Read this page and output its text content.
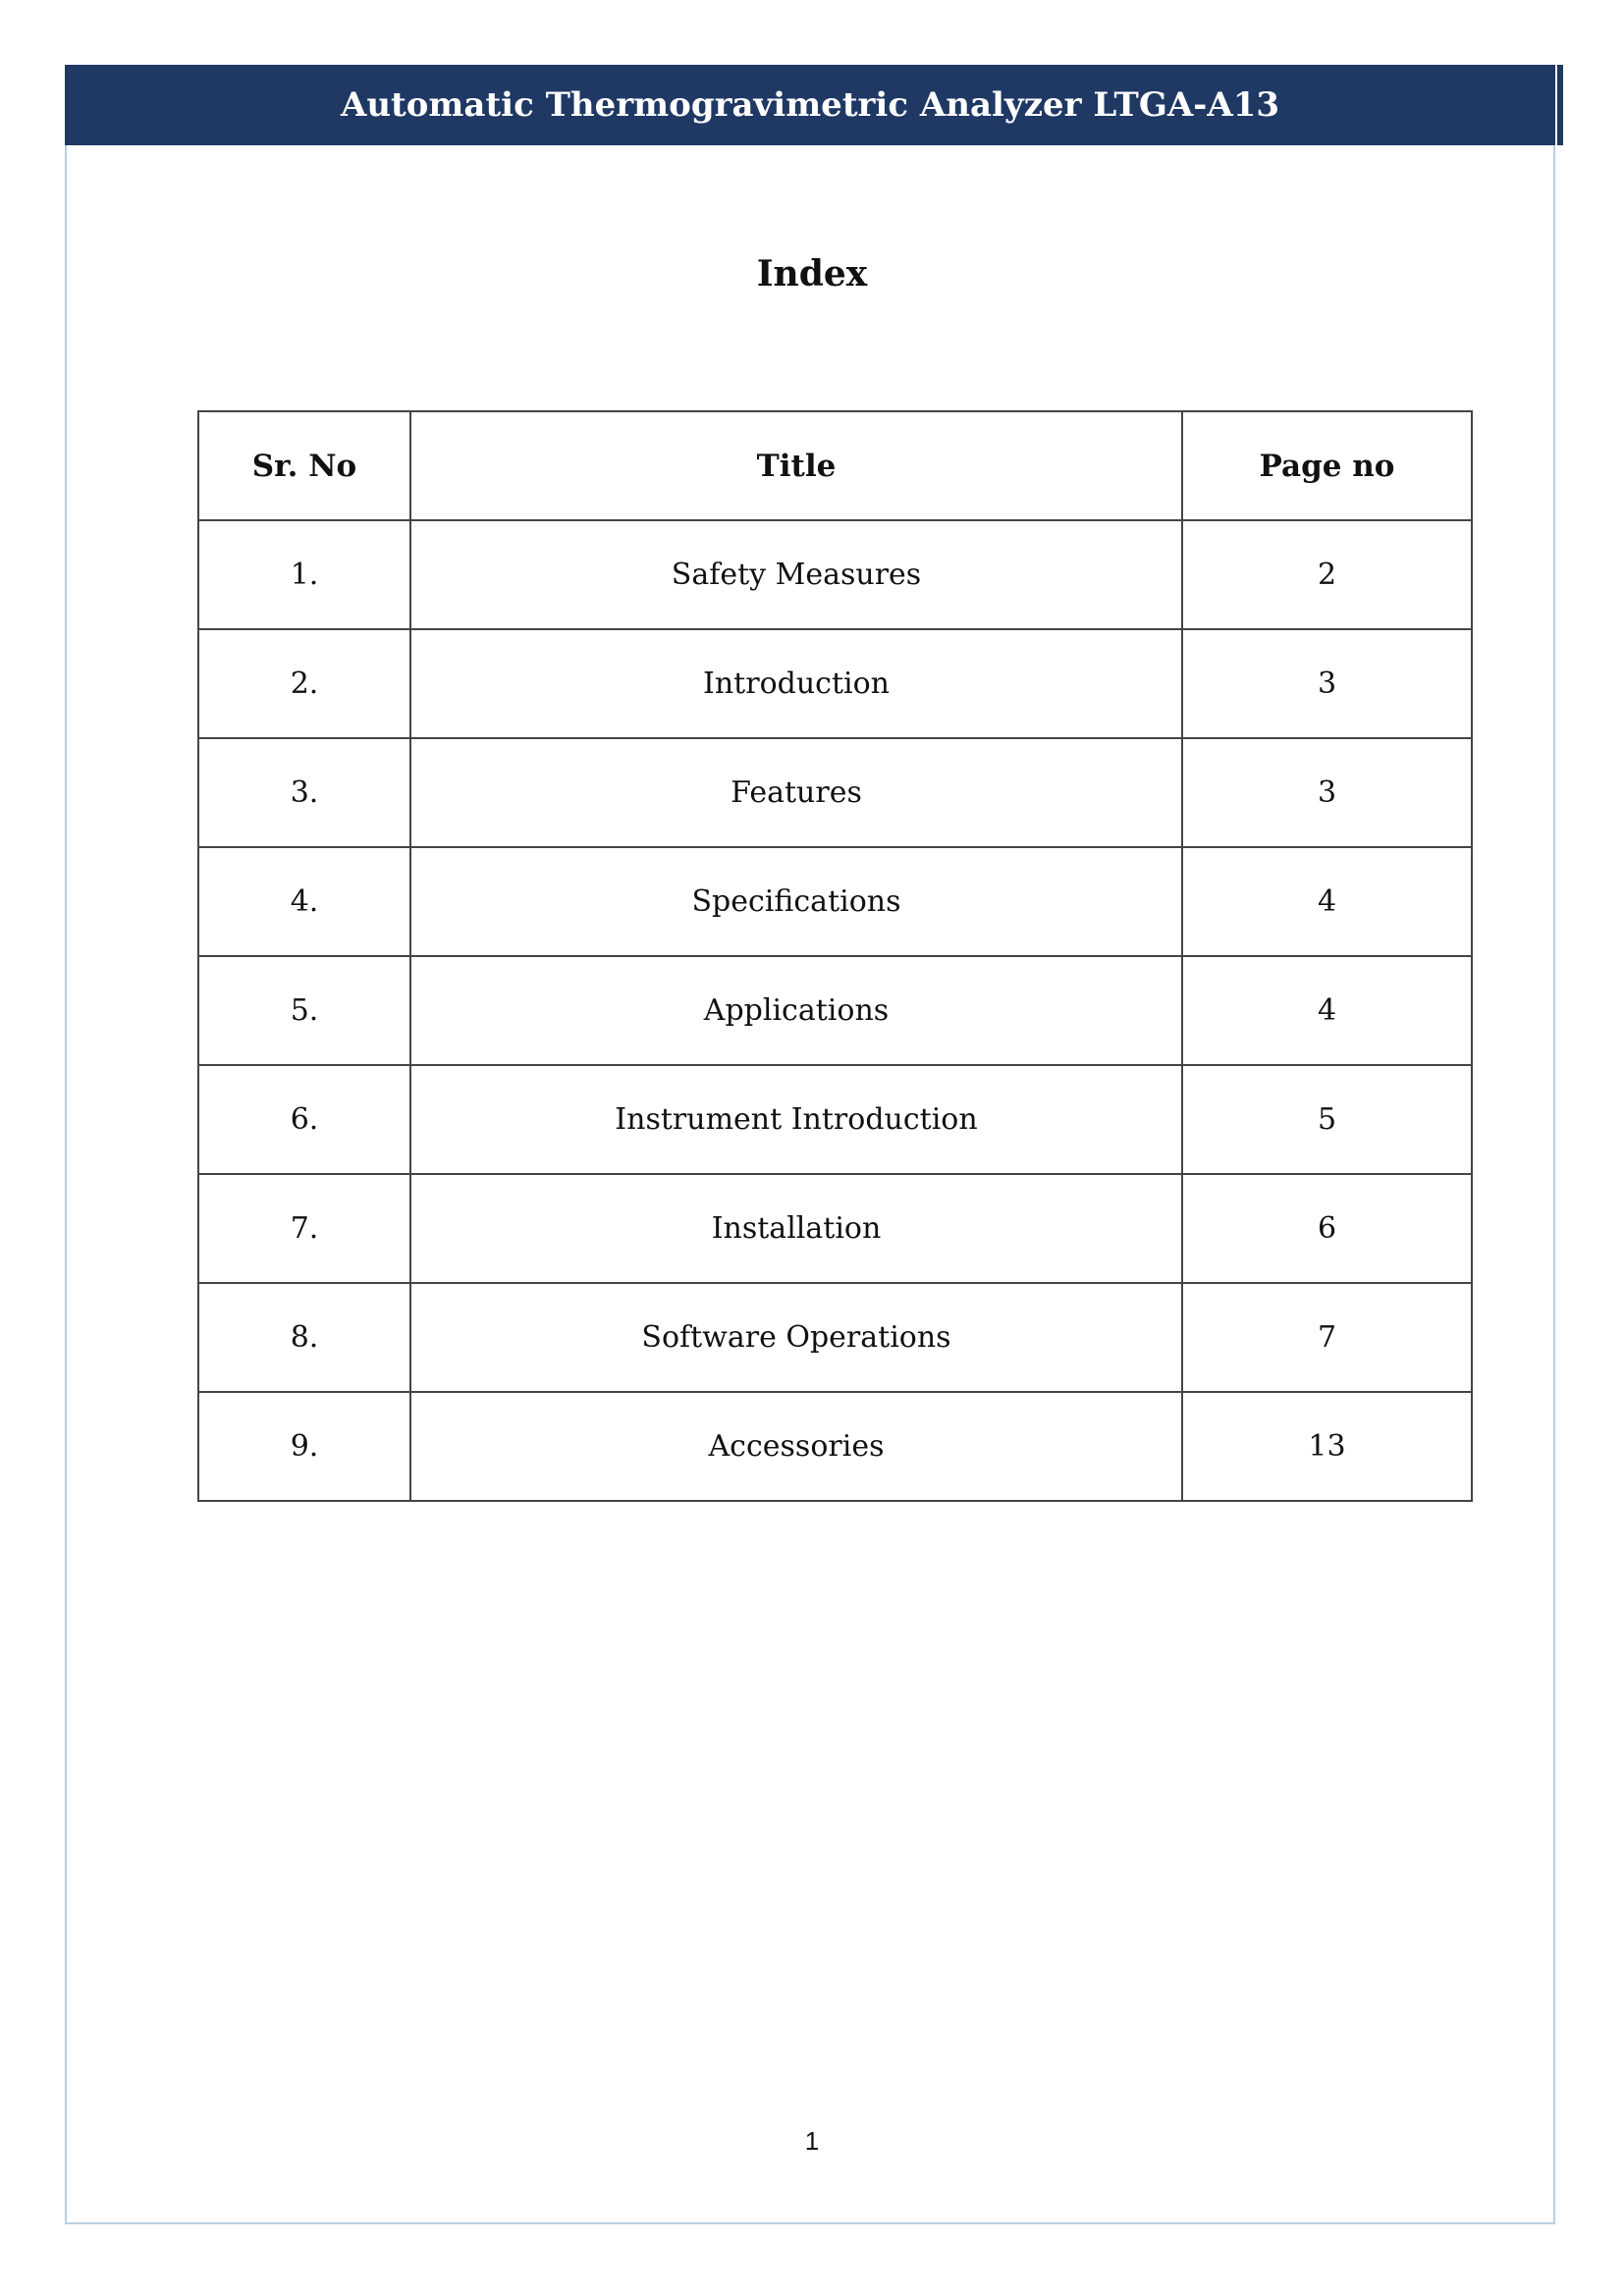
Automatic Thermogravimetric Analyzer LTGA-A13
Index
Sr. No	Title	Page no
1.	Safety Measures	2
2.	Introduction	3
3.	Features	3
4.	Specifications	4
5.	Applications	4
6.	Instrument Introduction	5
7.	Installation	6
8.	Software Operations	7
9.	Accessories	13
1
